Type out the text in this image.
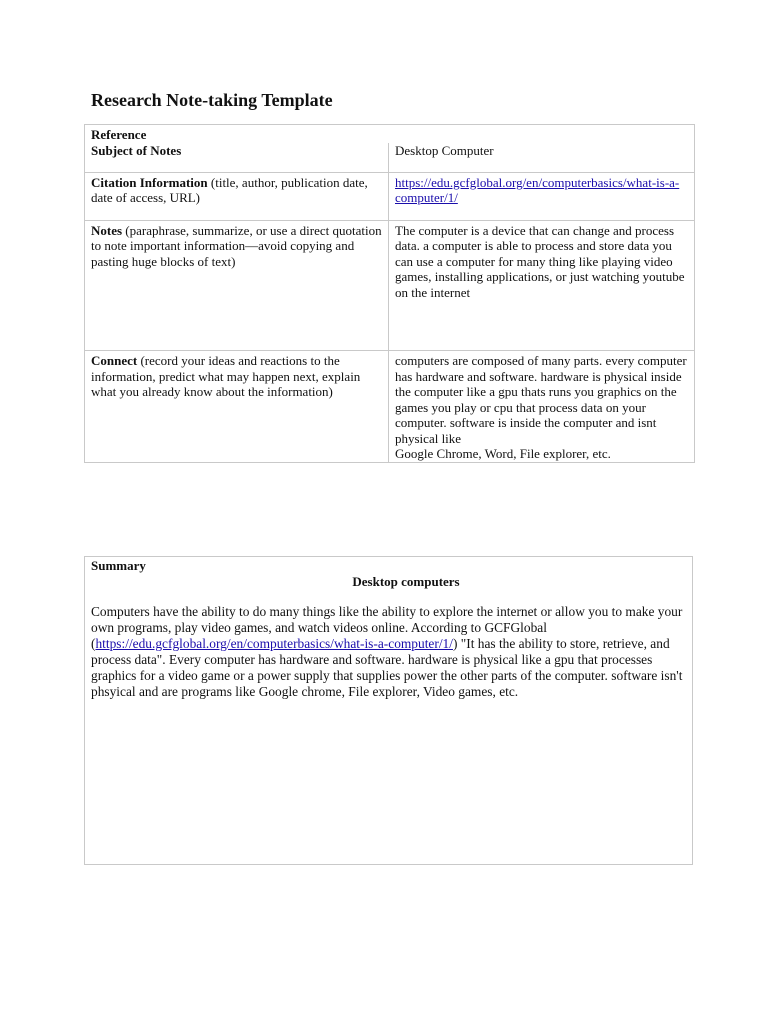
Research Note-taking Template
Reference	
Subject of Notes	Desktop Computer
Citation Information (title, author, publication date, date of access, URL)	https://edu.gcfglobal.org/en/computerbasics/what-is-a-computer/1/
Notes (paraphrase, summarize, or use a direct quotation to note important information—avoid copying and pasting huge blocks of text)	The computer is a device that can change and process data. a computer is able to process and store data you can use a computer for many thing like playing video games, installing applications, or just watching youtube on the internet
Connect (record your ideas and reactions to the information, predict what may happen next, explain what you already know about the information)	computers are composed of many parts. every computer has hardware and software. hardware is physical inside the computer like a gpu thats runs you graphics on the games you play or cpu that process data on your computer. software is inside the computer and isnt physical like
Google Chrome, Word, File explorer, etc.
Summary
Desktop computers
Computers have the ability to do many things like the ability to explore the internet or allow you to make your own programs, play video games, and watch videos online. According to GCFGlobal (https://edu.gcfglobal.org/en/computerbasics/what-is-a-computer/1/) "It has the ability to store, retrieve, and process data". Every computer has hardware and software. hardware is physical like a gpu that processes graphics for a video game or a power supply that supplies power the other parts of the computer. software isn't phsyical and are programs like Google chrome, File explorer, Video games, etc.
